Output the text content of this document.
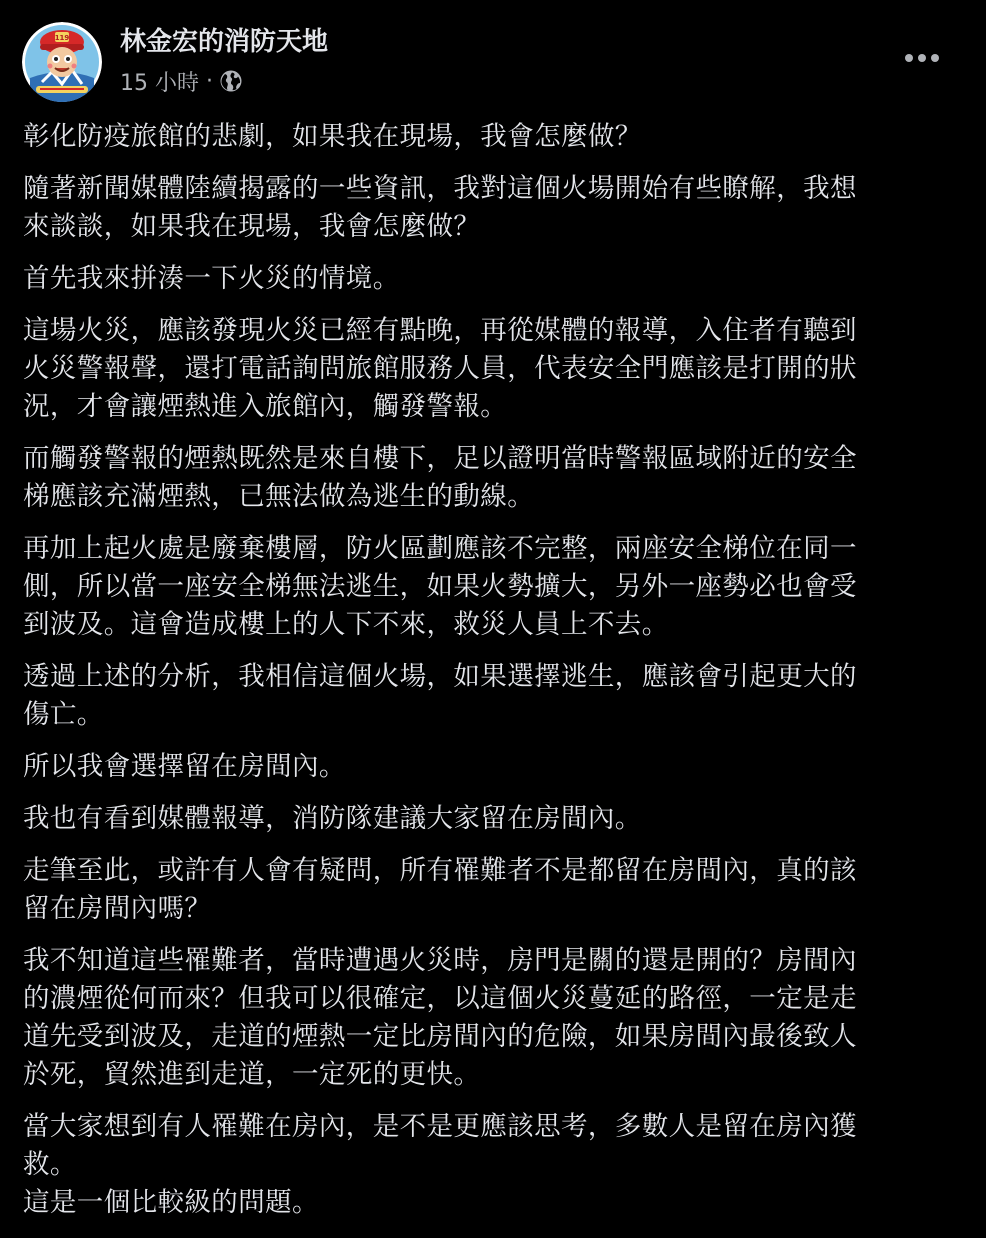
119 林金宏的消防天地
15 小時 ·

彰化防疫旅館的悲劇，如果我在現場，我會怎麼做？

隨著新聞媒體陸續揭露的一些資訊，我對這個火場開始有些瞭解，我想
來談談，如果我在現場，我會怎麼做？

首先我來拼湊一下火災的情境。

這場火災，應該發現火災已經有點晚，再從媒體的報導，入住者有聽到
火災警報聲，還打電話詢問旅館服務人員，代表安全門應該是打開的狀
況，才會讓煙熱進入旅館內，觸發警報。

而觸發警報的煙熱既然是來自樓下，足以證明當時警報區域附近的安全
梯應該充滿煙熱，已無法做為逃生的動線。

再加上起火處是廢棄樓層，防火區劃應該不完整，兩座安全梯位在同一
側，所以當一座安全梯無法逃生，如果火勢擴大，另外一座勢必也會受
到波及。這會造成樓上的人下不來，救災人員上不去。

透過上述的分析，我相信這個火場，如果選擇逃生，應該會引起更大的
傷亡。

所以我會選擇留在房間內。

我也有看到媒體報導，消防隊建議大家留在房間內。

走筆至此，或許有人會有疑問，所有罹難者不是都留在房間內，真的該
留在房間內嗎？

我不知道這些罹難者，當時遭遇火災時，房門是關的還是開的？房間內
的濃煙從何而來？但我可以很確定，以這個火災蔓延的路徑，一定是走
道先受到波及，走道的煙熱一定比房間內的危險，如果房間內最後致人
於死，貿然進到走道，一定死的更快。

當大家想到有人罹難在房內，是不是更應該思考，多數人是留在房內獲
救。
這是一個比較級的問題。
